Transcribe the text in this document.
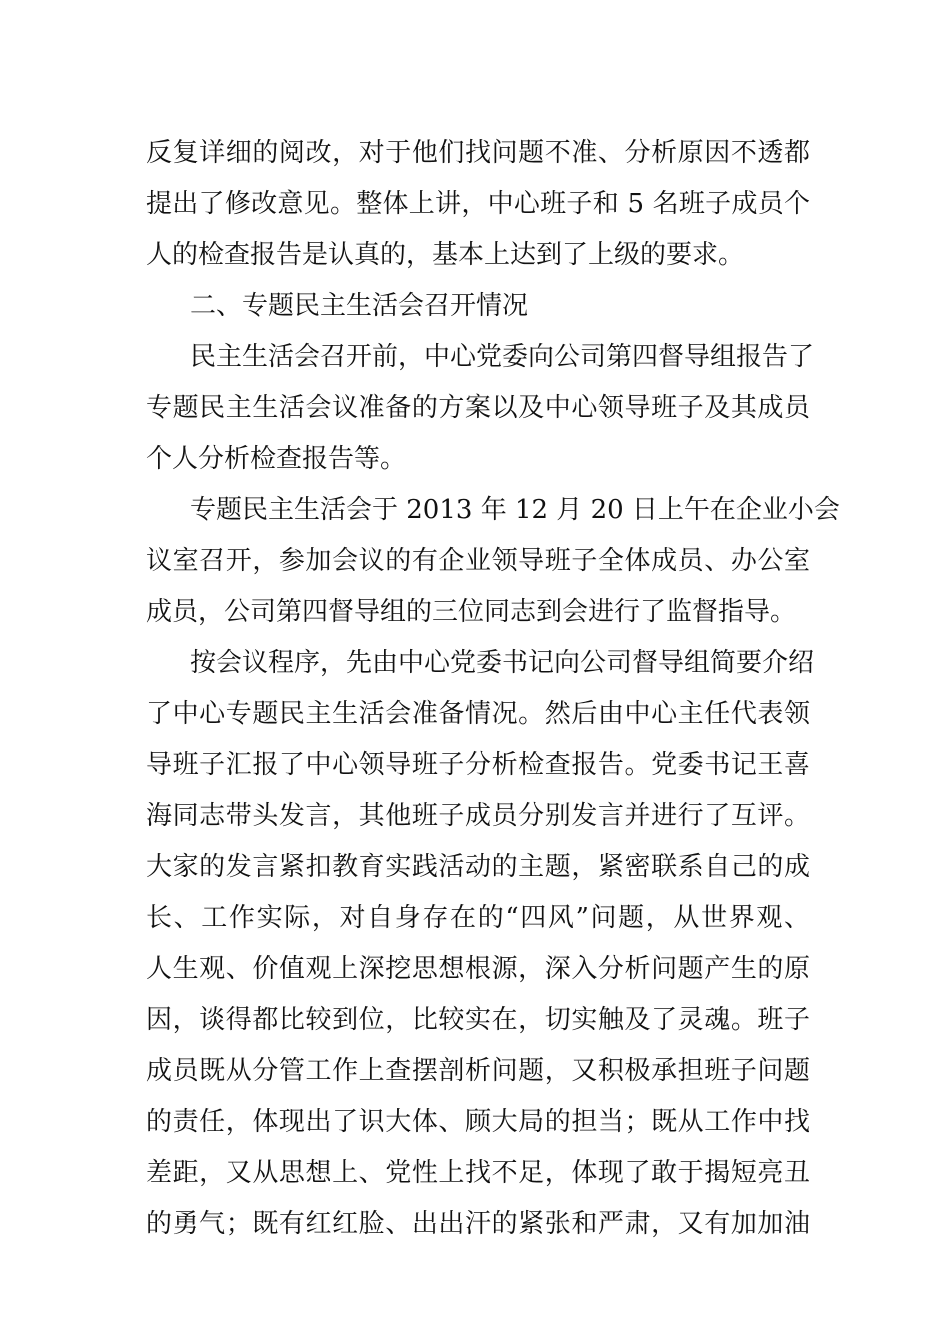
反复详细的阅改，对于他们找问题不准、分析原因不透都
提出了修改意见。整体上讲，中心班子和 5 名班子成员个
人的检查报告是认真的，基本上达到了上级的要求。
二、专题民主生活会召开情况
民主生活会召开前，中心党委向公司第四督导组报告了
专题民主生活会议准备的方案以及中心领导班子及其成员
个人分析检查报告等。
专题民主生活会于 2013 年 12 月 20 日上午在企业小会
议室召开，参加会议的有企业领导班子全体成员、办公室
成员，公司第四督导组的三位同志到会进行了监督指导。
按会议程序，先由中心党委书记向公司督导组简要介绍
了中心专题民主生活会准备情况。然后由中心主任代表领
导班子汇报了中心领导班子分析检查报告。党委书记王喜
海同志带头发言，其他班子成员分别发言并进行了互评。
大家的发言紧扣教育实践活动的主题，紧密联系自己的成
长、工作实际，对自身存在的“四风”问题，从世界观、
人生观、价值观上深挖思想根源，深入分析问题产生的原
因，谈得都比较到位，比较实在，切实触及了灵魂。班子
成员既从分管工作上查摆剖析问题，又积极承担班子问题
的责任，体现出了识大体、顾大局的担当；既从工作中找
差距，又从思想上、党性上找不足，体现了敢于揭短亮丑
的勇气；既有红红脸、出出汗的紧张和严肃，又有加加油
